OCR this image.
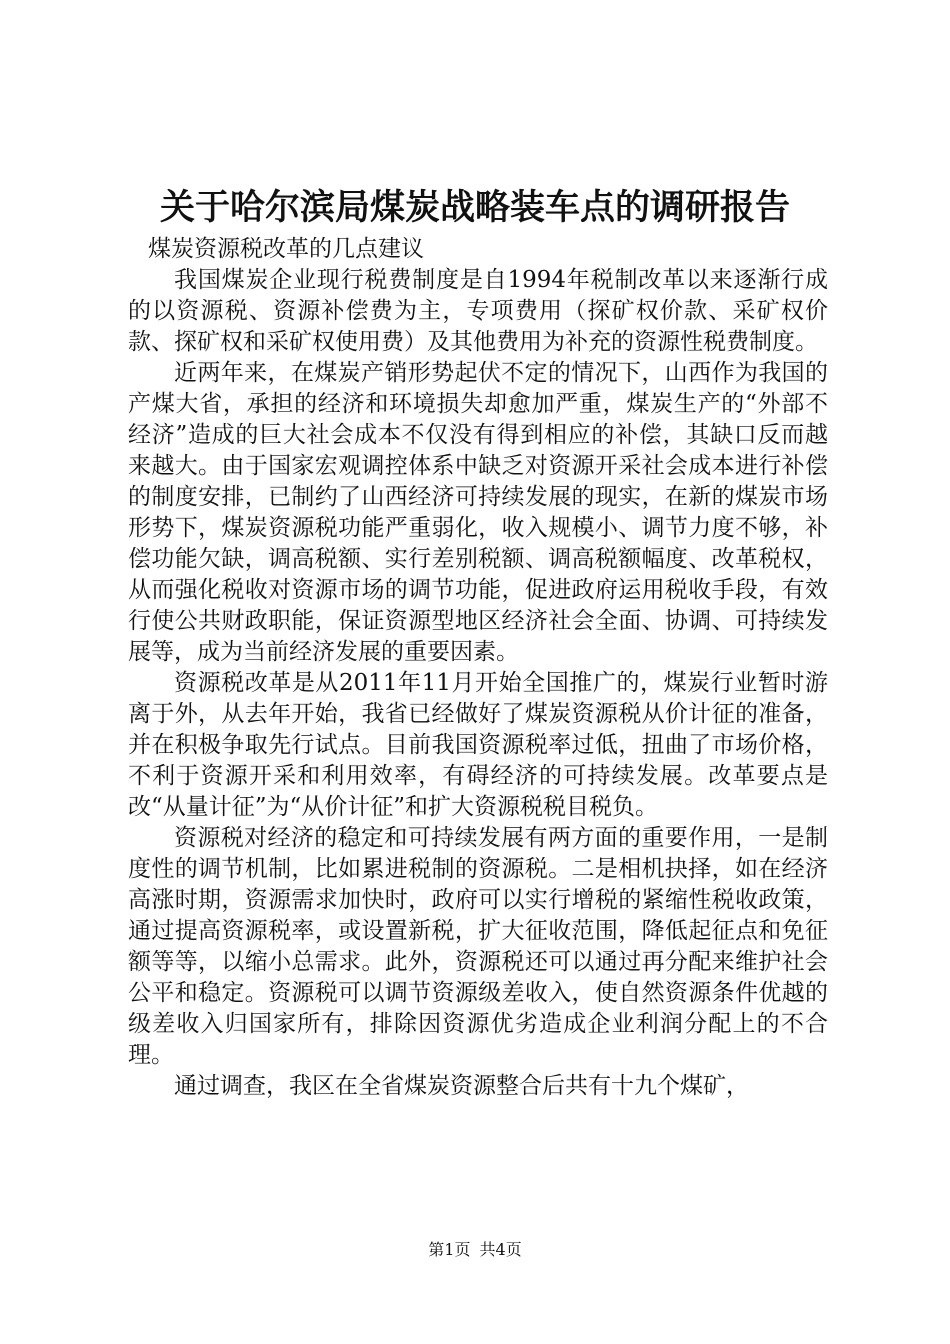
关于哈尔滨局煤炭战略装车点的调研报告

煤炭资源税改革的几点建议

我国煤炭企业现行税费制度是自1994年税制改革以来逐渐行成的以资源税、资源补偿费为主，专项费用（探矿权价款、采矿权价款、探矿权和采矿权使用费）及其他费用为补充的资源性税费制度。

近两年来，在煤炭产销形势起伏不定的情况下，山西作为我国的产煤大省，承担的经济和环境损失却愈加严重，煤炭生产的“外部不经济”造成的巨大社会成本不仅没有得到相应的补偿，其缺口反而越来越大。由于国家宏观调控体系中缺乏对资源开采社会成本进行补偿的制度安排，已制约了山西经济可持续发展的现实，在新的煤炭市场形势下，煤炭资源税功能严重弱化，收入规模小、调节力度不够，补偿功能欠缺，调高税额、实行差别税额、调高税额幅度、改革税权，从而强化税收对资源市场的调节功能，促进政府运用税收手段，有效行使公共财政职能，保证资源型地区经济社会全面、协调、可持续发展等，成为当前经济发展的重要因素。

资源税改革是从2011年11月开始全国推广的，煤炭行业暂时游离于外，从去年开始，我省已经做好了煤炭资源税从价计征的准备，并在积极争取先行试点。目前我国资源税率过低，扭曲了市场价格，不利于资源开采和利用效率，有碍经济的可持续发展。改革要点是改“从量计征”为“从价计征”和扩大资源税税目税负。

资源税对经济的稳定和可持续发展有两方面的重要作用，一是制度性的调节机制，比如累进税制的资源税。二是相机抉择，如在经济高涨时期，资源需求加快时，政府可以实行增税的紧缩性税收政策，通过提高资源税率，或设置新税，扩大征收范围，降低起征点和免征额等等，以缩小总需求。此外，资源税还可以通过再分配来维护社会公平和稳定。资源税可以调节资源级差收入，使自然资源条件优越的级差收入归国家所有，排除因资源优劣造成企业利润分配上的不合理。

通过调查，我区在全省煤炭资源整合后共有十九个煤矿，

第1页 共4页
